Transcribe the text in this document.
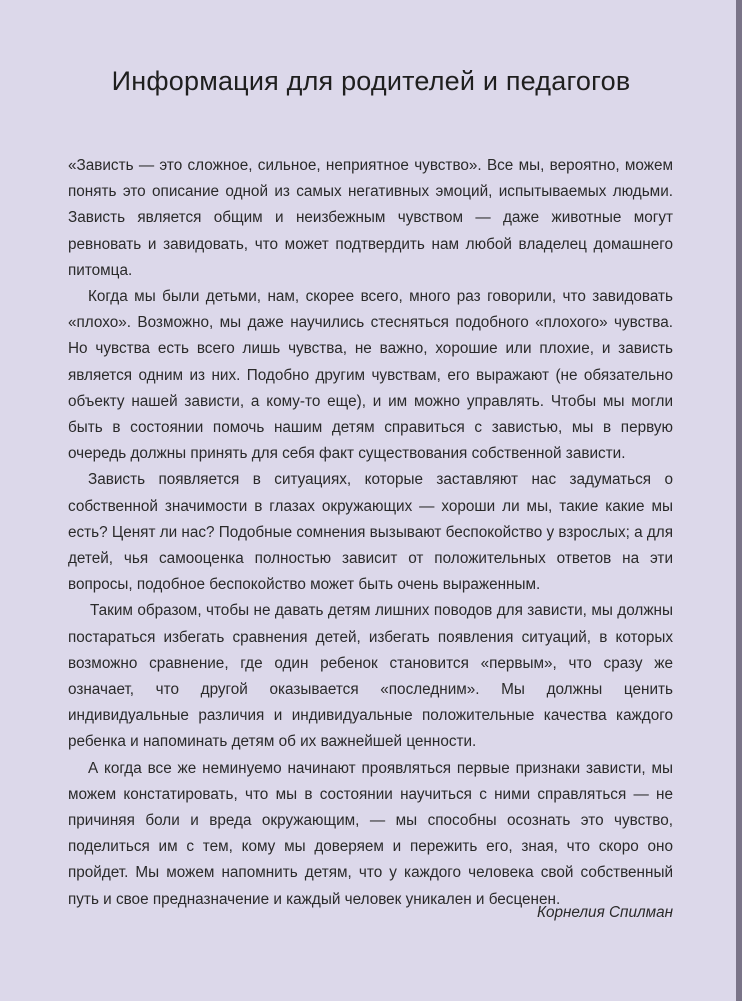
Информация для родителей и педагогов

«Зависть — это сложное, сильное, неприятное чувство». Все мы, вероятно, можем понять это описание одной из самых негативных эмоций, испытываемых людьми. Зависть является общим и неизбежным чувством — даже животные могут ревновать и завидовать, что может подтвердить нам любой владелец домашнего питомца.

Когда мы были детьми, нам, скорее всего, много раз говорили, что завидовать «плохо». Возможно, мы даже научились стесняться подобного «плохого» чувства. Но чувства есть всего лишь чувства, не важно, хорошие или плохие, и зависть является одним из них. Подобно другим чувствам, его выражают (не обязательно объекту нашей зависти, а кому-то еще), и им можно управлять. Чтобы мы могли быть в состоянии помочь нашим детям справиться с завистью, мы в первую очередь должны принять для себя факт существования собственной зависти.

Зависть появляется в ситуациях, которые заставляют нас задуматься о собственной значимости в глазах окружающих — хороши ли мы, такие какие мы есть? Ценят ли нас? Подобные сомнения вызывают беспокойство у взрослых; а для детей, чья самооценка полностью зависит от положительных ответов на эти вопросы, подобное беспокойство может быть очень выраженным.

Таким образом, чтобы не давать детям лишних поводов для зависти, мы должны постараться избегать сравнения детей, избегать появления ситуаций, в которых возможно сравнение, где один ребенок становится «первым», что сразу же означает, что другой оказывается «последним». Мы должны ценить индивидуальные различия и индивидуальные положительные качества каждого ребенка и напоминать детям об их важнейшей ценности.

А когда все же неминуемо начинают проявляться первые признаки зависти, мы можем констатировать, что мы в состоянии научиться с ними справляться — не причиняя боли и вреда окружающим, — мы способны осознать это чувство, поделиться им с тем, кому мы доверяем и пережить его, зная, что скоро оно пройдет. Мы можем напомнить детям, что у каждого человека свой собственный путь и свое предназначение и каждый человек уникален и бесценен.

Корнелия Спилман
